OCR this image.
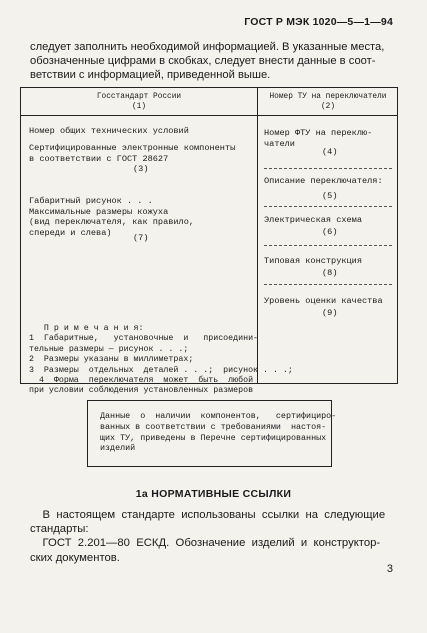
ГОСТ Р МЭК 1020—5—1—94
следует заполнить необходимой информацией. В указанные места,
обозначенные цифрами в скобках, следует внести данные в соот-
ветствии с информацией, приведенной выше.
Госстандарт России
(1)
Номер ТУ на переключатели
(2)
Номер общих технических условий
Сертифицированные электронные компоненты
в соответствии с ГОСТ 28627
(3)
Габаритный рисунок . . .
Максимальные размеры кожуха
(вид переключателя, как правило,
спереди и слева)
(7)
П р и м е ч а н и я:
1  Габаритные,   установочные  и   присоедини-
тельные размеры — рисунок . . .;
2  Размеры указаны в миллиметрах;
3  Размеры  отдельных  деталей . . .;  рисунок . . .;
4  Форма  переключателя  может  быть  любой
при условии соблюдения установленных размеров
Номер ФТУ на переклю-
чатели
(4)
Описание переключателя:
(5)
Электрическая схема
(6)
Типовая конструкция
(8)
Уровень оценки качества
(9)
Данные  о  наличии  компонентов,   сертифициро-
ванных в соответствии с требованиями  настоя-
щих ТУ, приведены в Перечне сертифицированных
изделий
1а НОРМАТИВНЫЕ ССЫЛКИ
В  настоящем  стандарте  использованы  ссылки  на  следующие
стандарты:
ГОСТ  2.201—80  ЕСКД.  Обозначение  изделий  и  конструктор-
ских документов.
3
